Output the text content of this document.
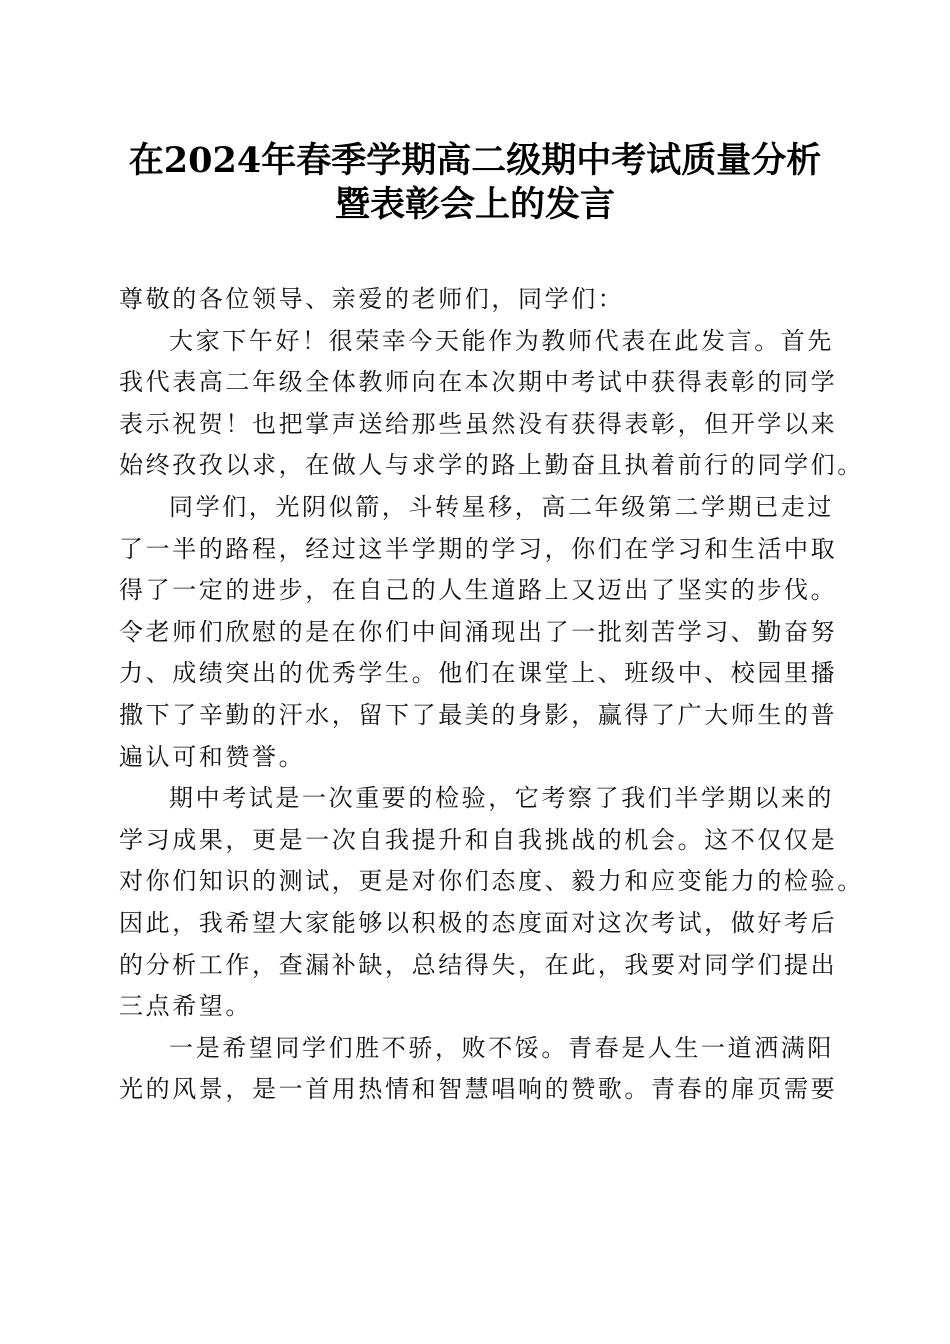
在2024年春季学期高二级期中考试质量分析
暨表彰会上的发言
尊敬的各位领导、亲爱的老师们，同学们：
大家下午好！很荣幸今天能作为教师代表在此发言。首先
我代表高二年级全体教师向在本次期中考试中获得表彰的同学
表示祝贺！也把掌声送给那些虽然没有获得表彰，但开学以来
始终孜孜以求，在做人与求学的路上勤奋且执着前行的同学们。
同学们，光阴似箭，斗转星移，高二年级第二学期已走过
了一半的路程，经过这半学期的学习，你们在学习和生活中取
得了一定的进步，在自己的人生道路上又迈出了坚实的步伐。
令老师们欣慰的是在你们中间涌现出了一批刻苦学习、勤奋努
力、成绩突出的优秀学生。他们在课堂上、班级中、校园里播
撒下了辛勤的汗水，留下了最美的身影，赢得了广大师生的普
遍认可和赞誉。
期中考试是一次重要的检验，它考察了我们半学期以来的
学习成果，更是一次自我提升和自我挑战的机会。这不仅仅是
对你们知识的测试，更是对你们态度、毅力和应变能力的检验。
因此，我希望大家能够以积极的态度面对这次考试，做好考后
的分析工作，查漏补缺，总结得失，在此，我要对同学们提出
三点希望。
一是希望同学们胜不骄，败不馁。青春是人生一道洒满阳
光的风景，是一首用热情和智慧唱响的赞歌。青春的扉页需要
